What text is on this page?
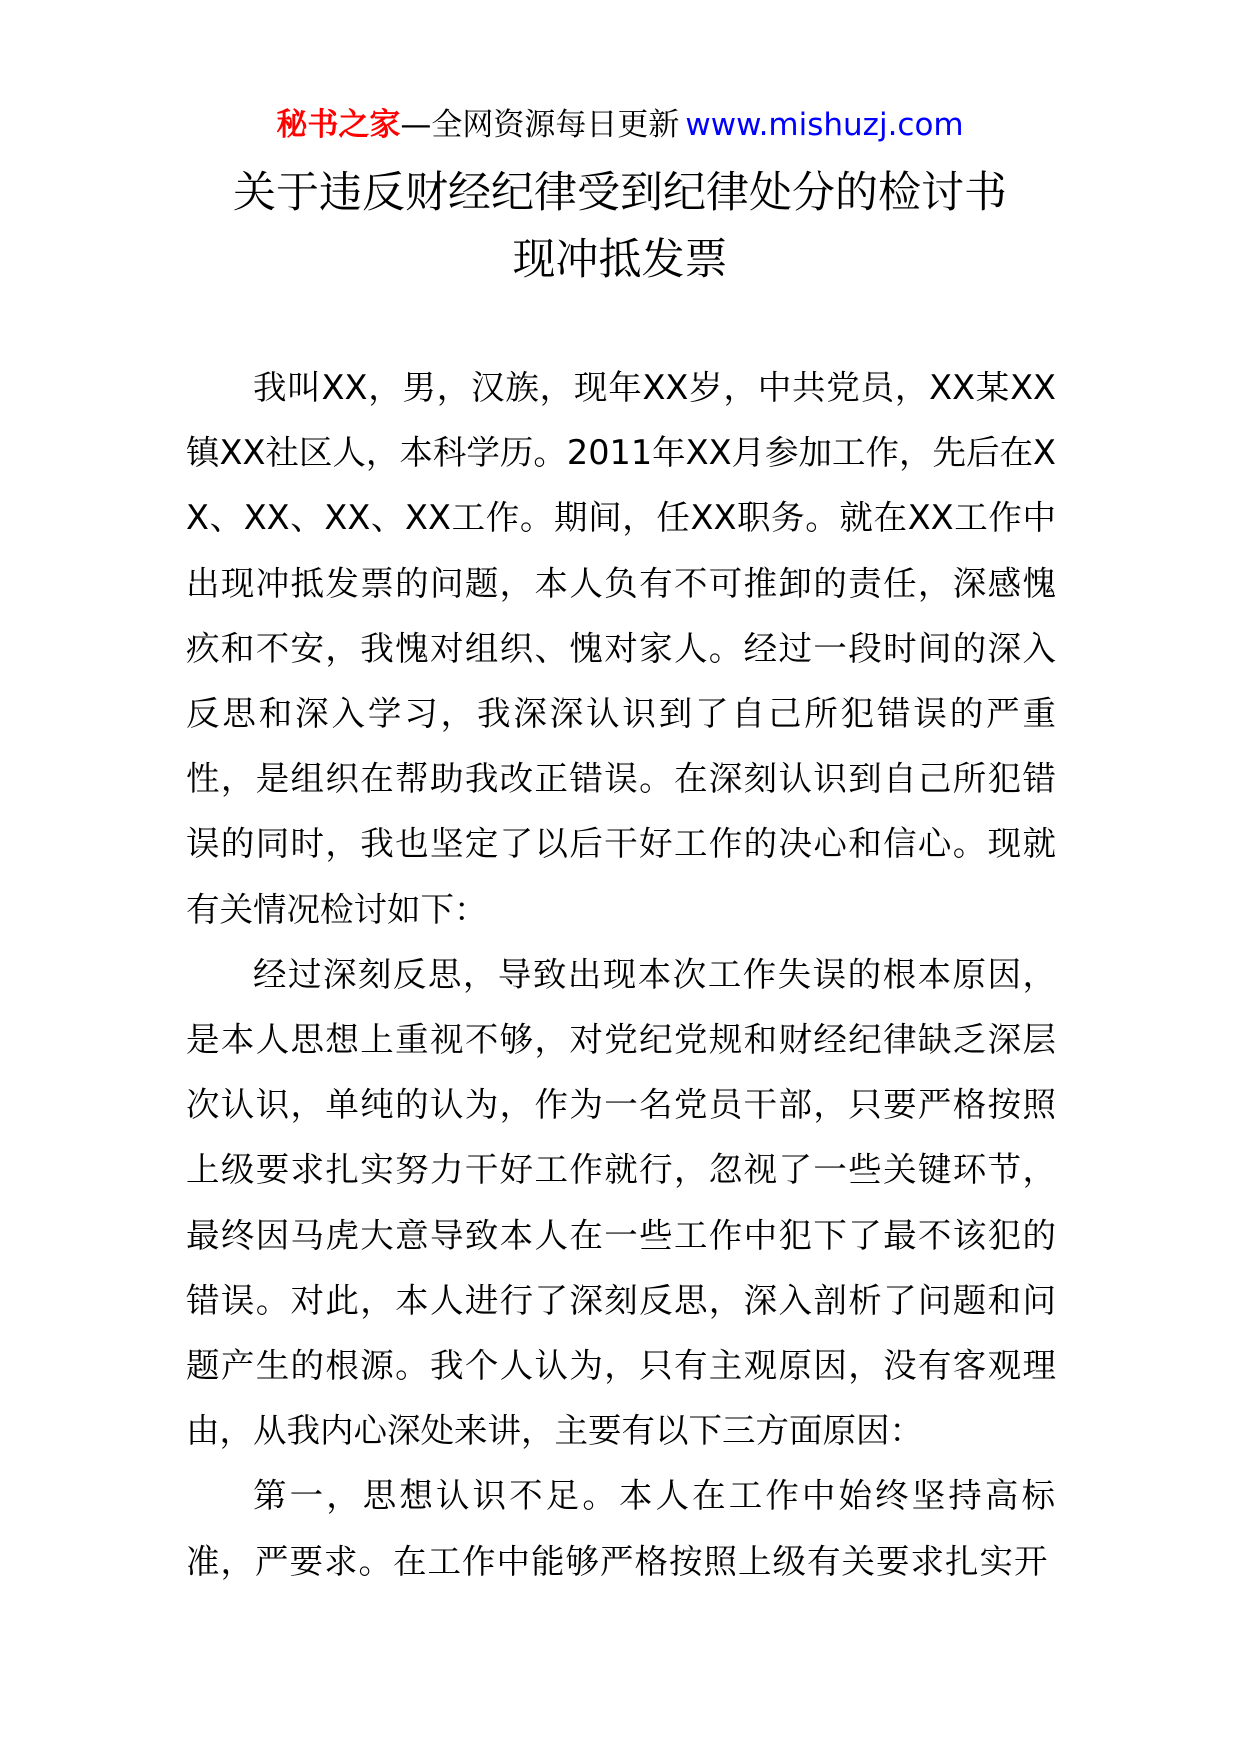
秘书之家—全网资源每日更新 www.mishuzj.com
关于违反财经纪律受到纪律处分的检讨书
现冲抵发票

我叫XX，男，汉族，现年XX岁，中共党员，XX某XX镇XX社区人，本科学历。2011年XX月参加工作，先后在XX、XX、XX、XX工作。期间，任XX职务。就在XX工作中出现冲抵发票的问题，本人负有不可推卸的责任，深感愧疚和不安，我愧对组织、愧对家人。经过一段时间的深入反思和深入学习，我深深认识到了自己所犯错误的严重性，是组织在帮助我改正错误。在深刻认识到自己所犯错误的同时，我也坚定了以后干好工作的决心和信心。现就有关情况检讨如下：

经过深刻反思，导致出现本次工作失误的根本原因，是本人思想上重视不够，对党纪党规和财经纪律缺乏深层次认识，单纯的认为，作为一名党员干部，只要严格按照上级要求扎实努力干好工作就行，忽视了一些关键环节，最终因马虎大意导致本人在一些工作中犯下了最不该犯的错误。对此，本人进行了深刻反思，深入剖析了问题和问题产生的根源。我个人认为，只有主观原因，没有客观理由，从我内心深处来讲，主要有以下三方面原因：

第一，思想认识不足。本人在工作中始终坚持高标准，严要求。在工作中能够严格按照上级有关要求扎实开
